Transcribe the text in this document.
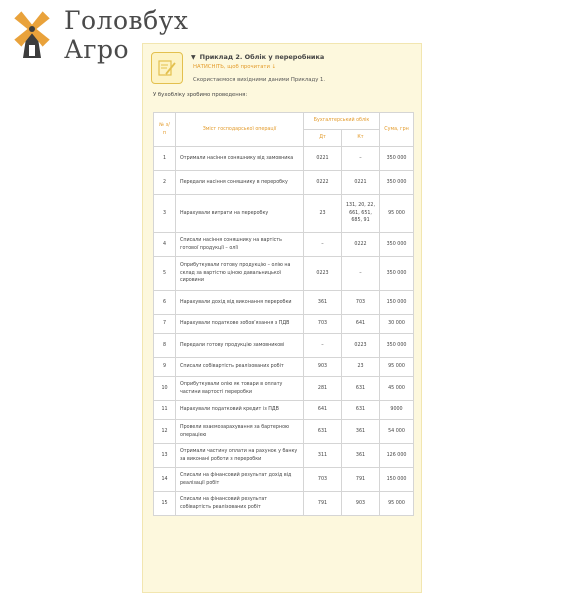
Головбух
Агро	▼ Приклад 2. Облік у переробника
НАТИСНІТЬ, щоб прочитати ↓
Скористаємося вихідними даними Прикладу 1.
У бухобліку зробимо проведення:
№ з/п	Зміст господарської операції	Бухгалтерський облік		Сума, грн
		Дт	Кт	
1	Отримали насіння соняшнику від замовника	0221	–	350 000
2	Передали насіння соняшнику в переробку	0222	0221	350 000
3	Нарахували витрати на переробку	23	131, 20, 22, 661, 651, 685, 91	95 000
4	Списали насіння соняшнику на вартість готової продукції – олії	–	0222	350 000
5	Оприбуткували готову продукцію – олію на склад за вартістю ціною давальницької сировини	0223	–	350 000
6	Нарахували дохід від виконання переробки	361	703	150 000
7	Нарахували податкове зобов’язання з ПДВ	703	641	30 000
8	Передали готову продукцію замовникові	–	0223	350 000
9	Списали собівартість реалізованих робіт	903	23	95 000
10	Оприбуткували олію як товари в оплату частини вартості переробки	281	631	45 000
11	Нарахували податковий кредит із ПДВ	641	631	9000
12	Провели взаємозарахування за бартерною операцією	631	361	54 000
13	Отримали частину оплати на рахунок у банку за виконані роботи з переробки	311	361	126 000
14	Списали на фінансовий результат дохід від реалізації робіт	703	791	150 000
15	Списали на фінансовий результат собівартість реалізованих робіт	791	903	95 000
